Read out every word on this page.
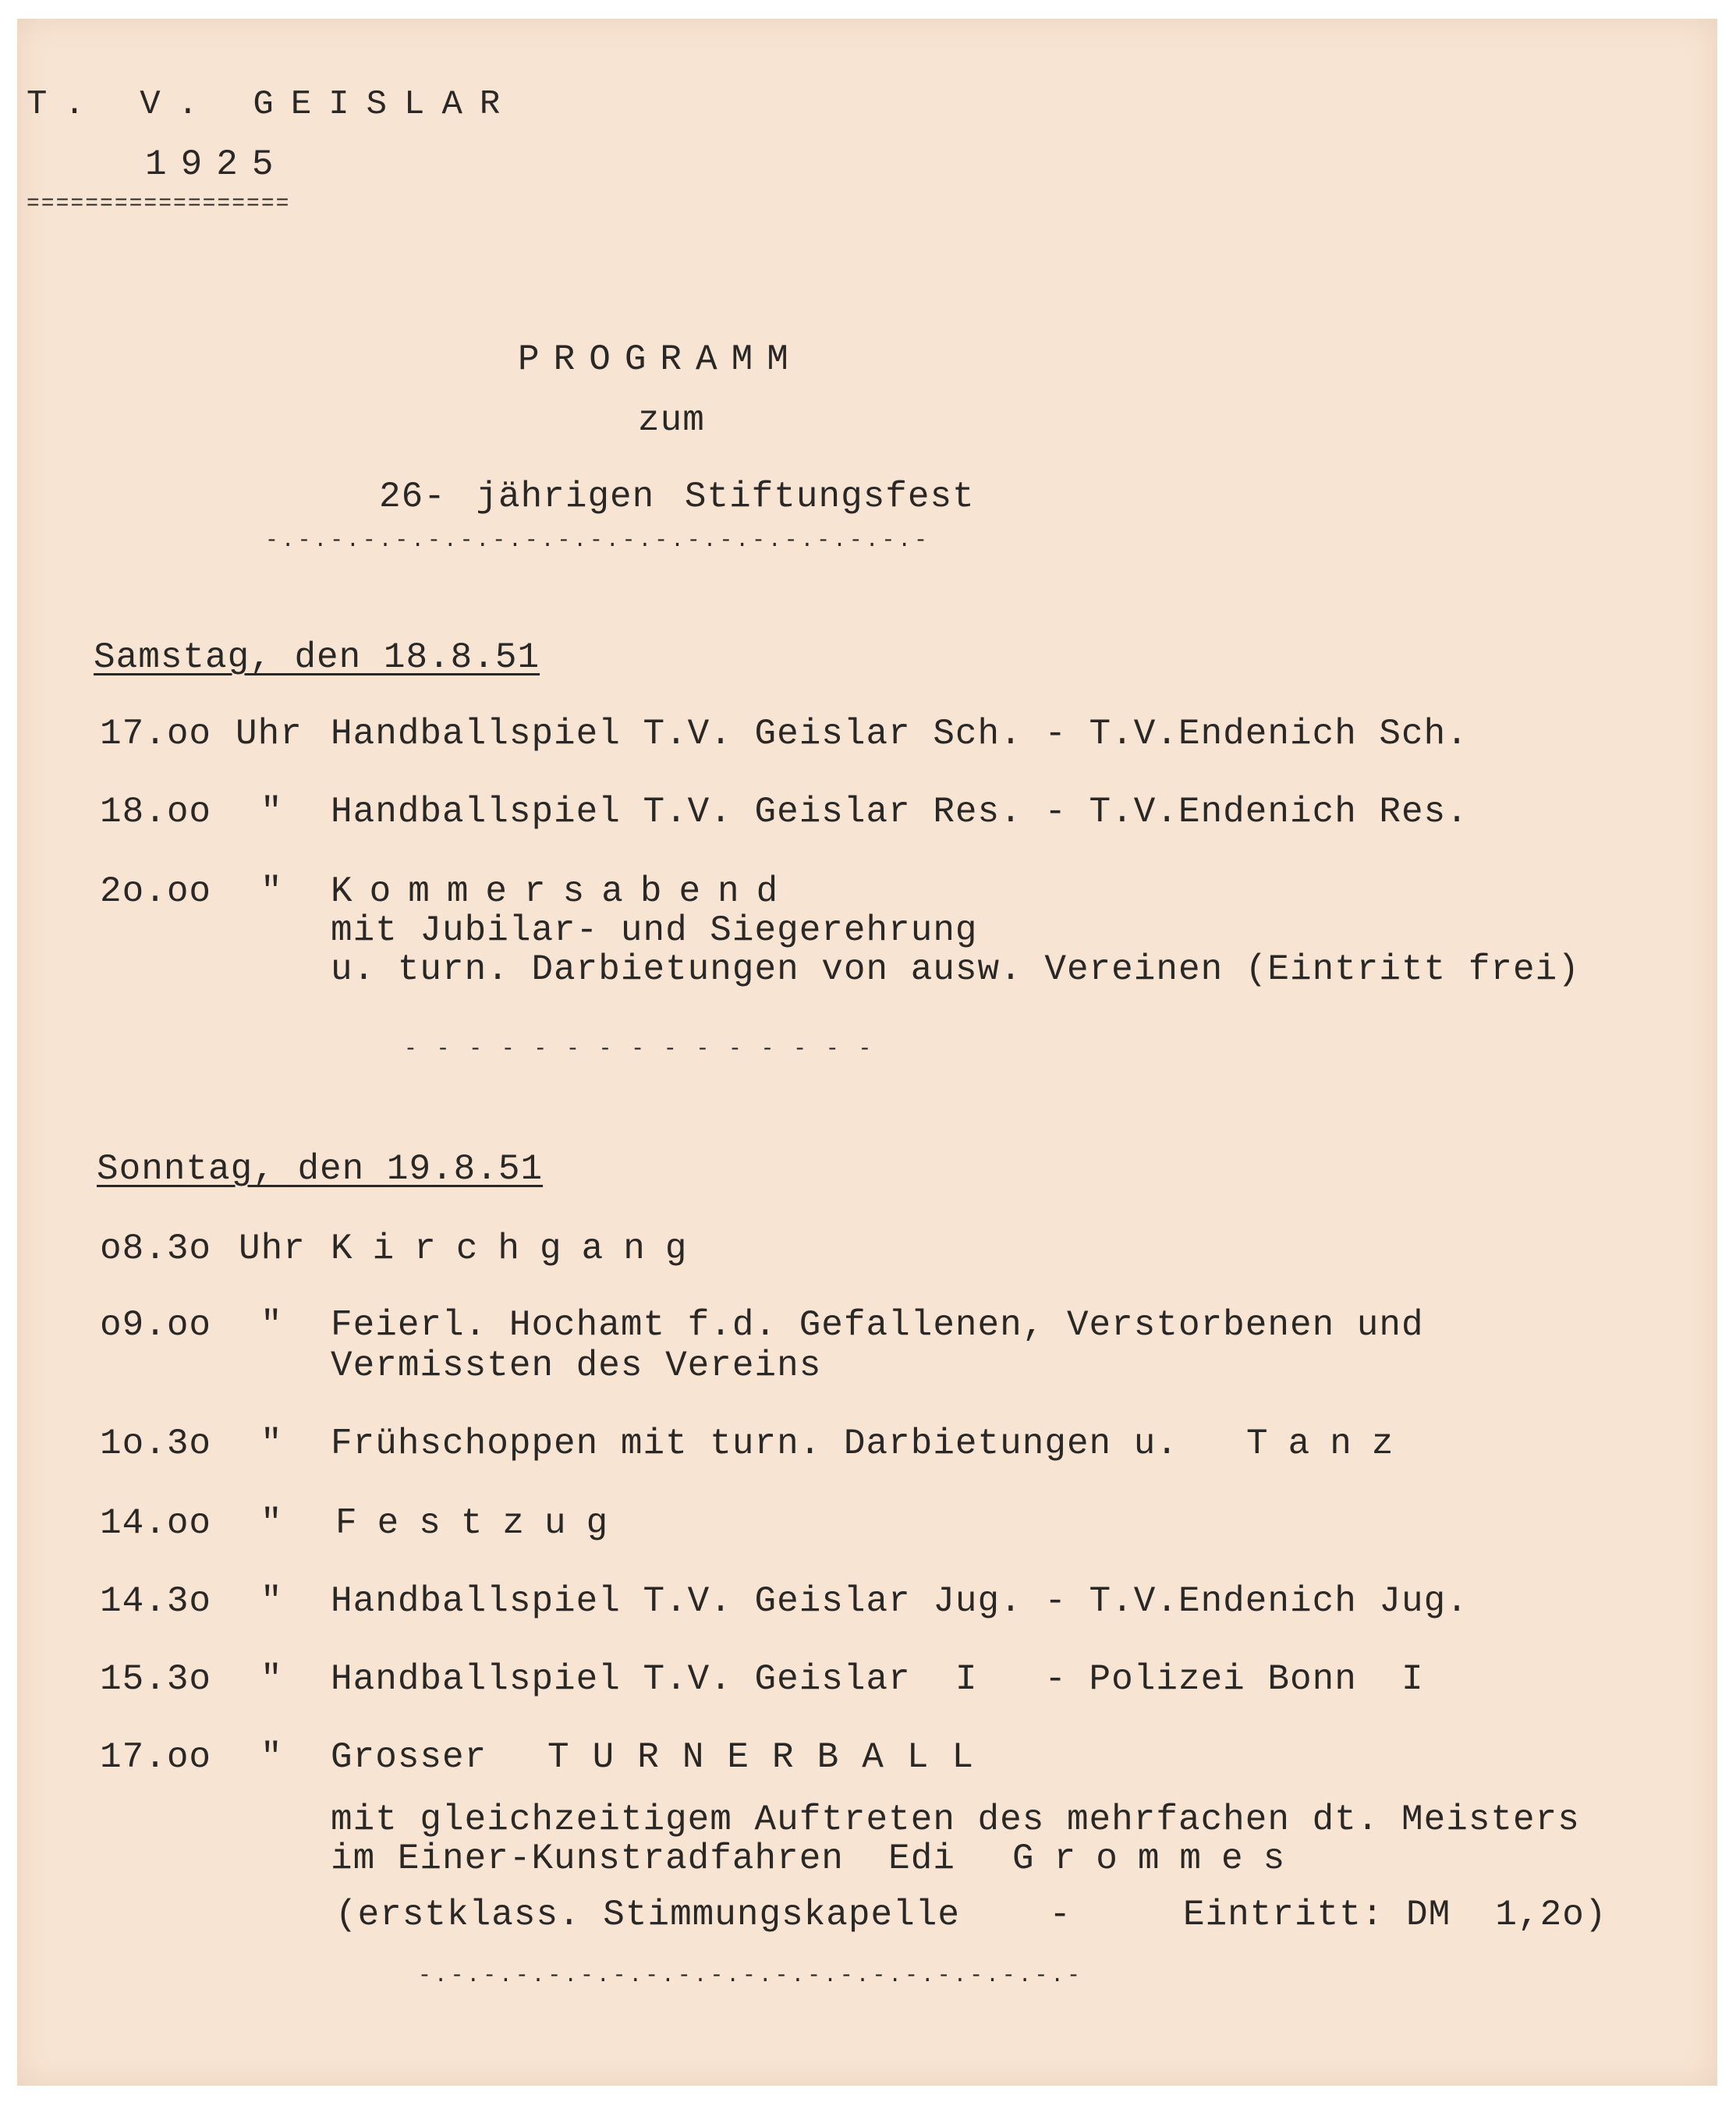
T. V. GEISLAR
1925
==================
PROGRAMM
zum
26- jährigen Stiftungsfest
-.-.-.-.-.-.-.-.-.-.-.-.-.-.-.-.-.-.-.-.-
Samstag, den 18.8.51
17.oo Uhr Handballspiel T.V. Geislar Sch. - T.V.Endenich Sch.
18.oo " Handballspiel T.V. Geislar Res. - T.V.Endenich Res.
2o.oo " Kommersabend
mit Jubilar- und Siegerehrung
u. turn. Darbietungen von ausw. Vereinen (Eintritt frei)
- - - - - - - - - - - - - - -
Sonntag, den 19.8.51
o8.3o Uhr Kirchgang
o9.oo " Feierl. Hochamt f.d. Gefallenen, Verstorbenen und
Vermissten des Vereins
1o.3o " Frühschoppen mit turn. Darbietungen u. Tanz
14.oo " Festzug
14.3o " Handballspiel T.V. Geislar Jug. - T.V.Endenich Jug.
15.3o " Handballspiel T.V. Geislar  I   - Polizei Bonn  I
17.oo " Grosser TURNERBALL
mit gleichzeitigem Auftreten des mehrfachen dt. Meisters
im Einer-Kunstradfahren  Edi Grommes
(erstklass. Stimmungskapelle    -     Eintritt: DM  1,2o)
-.-.-.-.-.-.-.-.-.-.-.-.-.-.-.-.-.-.-.-.-
